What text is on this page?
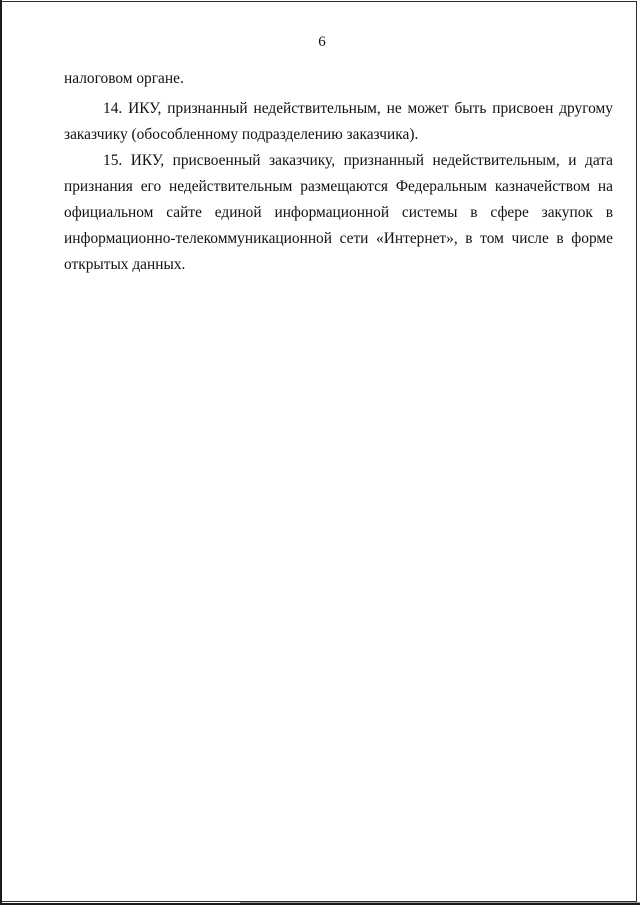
6
налоговом органе.
14. ИКУ, признанный недействительным, не может быть присвоен другому
заказчику (обособленному подразделению заказчика).
15. ИКУ, присвоенный заказчику, признанный недействительным, и дата
признания его недействительным размещаются Федеральным казначейством на
официальном сайте единой информационной системы в сфере закупок в
информационно-телекоммуникационной сети «Интернет», в том числе в форме
открытых данных.
